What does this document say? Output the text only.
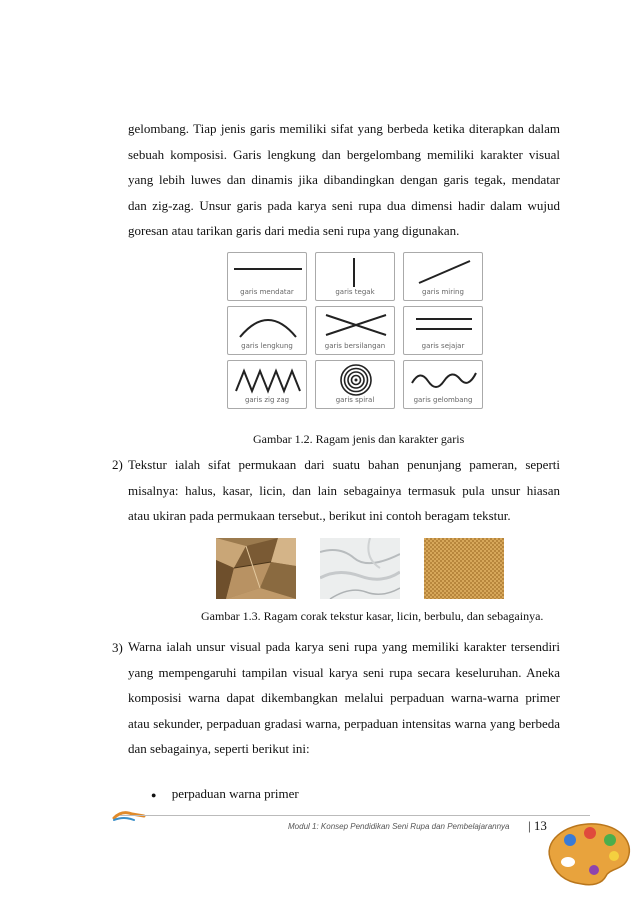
gelombang. Tiap jenis garis memiliki sifat yang berbeda ketika diterapkan dalam
sebuah komposisi. Garis lengkung dan bergelombang memiliki karakter visual
yang lebih luwes dan dinamis jika dibandingkan dengan garis tegak, mendatar
dan zig-zag. Unsur garis pada karya seni rupa dua dimensi hadir dalam wujud
goresan atau tarikan garis dari media seni rupa yang digunakan.
garis mendatar	garis tegak	garis miring
garis lengkung	garis bersilangan	garis sejajar
garis zig zag	garis spiral	garis gelombang
Gambar 1.2. Ragam jenis dan karakter garis
2) Tekstur ialah sifat permukaan dari suatu bahan penunjang pameran, seperti
misalnya: halus, kasar, licin, dan lain sebagainya termasuk pula unsur hiasan
atau ukiran pada permukaan tersebut., berikut ini contoh beragam tekstur.
Gambar 1.3. Ragam corak tekstur kasar, licin, berbulu, dan sebagainya.
3) Warna ialah unsur visual pada karya seni rupa yang memiliki karakter tersendiri
yang mempengaruhi tampilan visual karya seni rupa secara keseluruhan. Aneka
komposisi warna dapat dikembangkan melalui perpaduan warna-warna primer
atau sekunder, perpaduan gradasi warna, perpaduan intensitas warna yang berbeda
dan sebagainya, seperti berikut ini:
● perpaduan warna primer
Modul 1: Konsep Pendidikan Seni Rupa dan Pembelajarannya | 13
